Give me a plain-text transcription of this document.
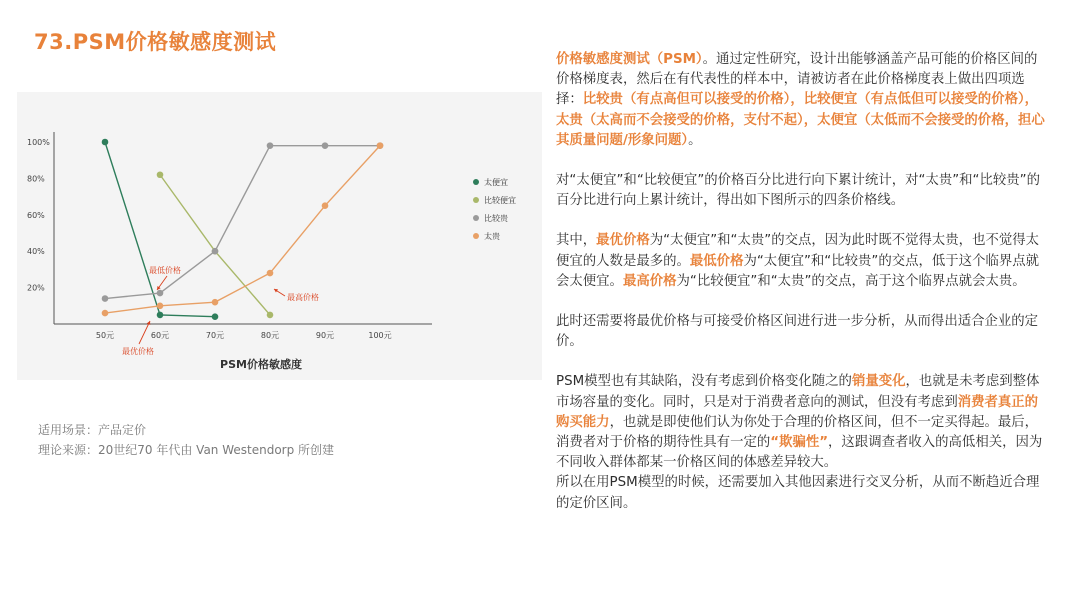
73.PSM价格敏感度测试
20%
40%
60%
80%
100%
50元	60元	70元	80元	90元	100元
PSM价格敏感度
太便宜
比较便宜
比较贵
太贵
最低价格
最高价格
最优价格
适用场景：产品定价
理论来源：20世纪70 年代由 Van Westendorp 所创建

价格敏感度测试（PSM）。通过定性研究，设计出能够涵盖产品可能的价格区间的价格梯度表，然后在有代表性的样本中，请被访者在此价格梯度表上做出四项选择：比较贵（有点高但可以接受的价格），比较便宜（有点低但可以接受的价格），太贵（太高而不会接受的价格，支付不起），太便宜（太低而不会接受的价格，担心其质量问题/形象问题）。

对“太便宜”和“比较便宜”的价格百分比进行向下累计统计，对“太贵”和“比较贵”的百分比进行向上累计统计，得出如下图所示的四条价格线。

其中，最优价格为“太便宜”和“太贵”的交点，因为此时既不觉得太贵，也不觉得太便宜的人数是最多的。最低价格为“太便宜”和“比较贵”的交点，低于这个临界点就会太便宜。最高价格为“比较便宜”和“太贵”的交点，高于这个临界点就会太贵。

此时还需要将最优价格与可接受价格区间进行进一步分析，从而得出适合企业的定价。

PSM模型也有其缺陷，没有考虑到价格变化随之的销量变化，也就是未考虑到整体市场容量的变化。同时，只是对于消费者意向的测试，但没有考虑到消费者真正的购买能力，也就是即使他们认为你处于合理的价格区间，但不一定买得起。最后，消费者对于价格的期待性具有一定的“欺骗性”，这跟调查者收入的高低相关，因为不同收入群体都某一价格区间的体感差异较大。

所以在用PSM模型的时候，还需要加入其他因素进行交叉分析，从而不断趋近合理的定价区间。
